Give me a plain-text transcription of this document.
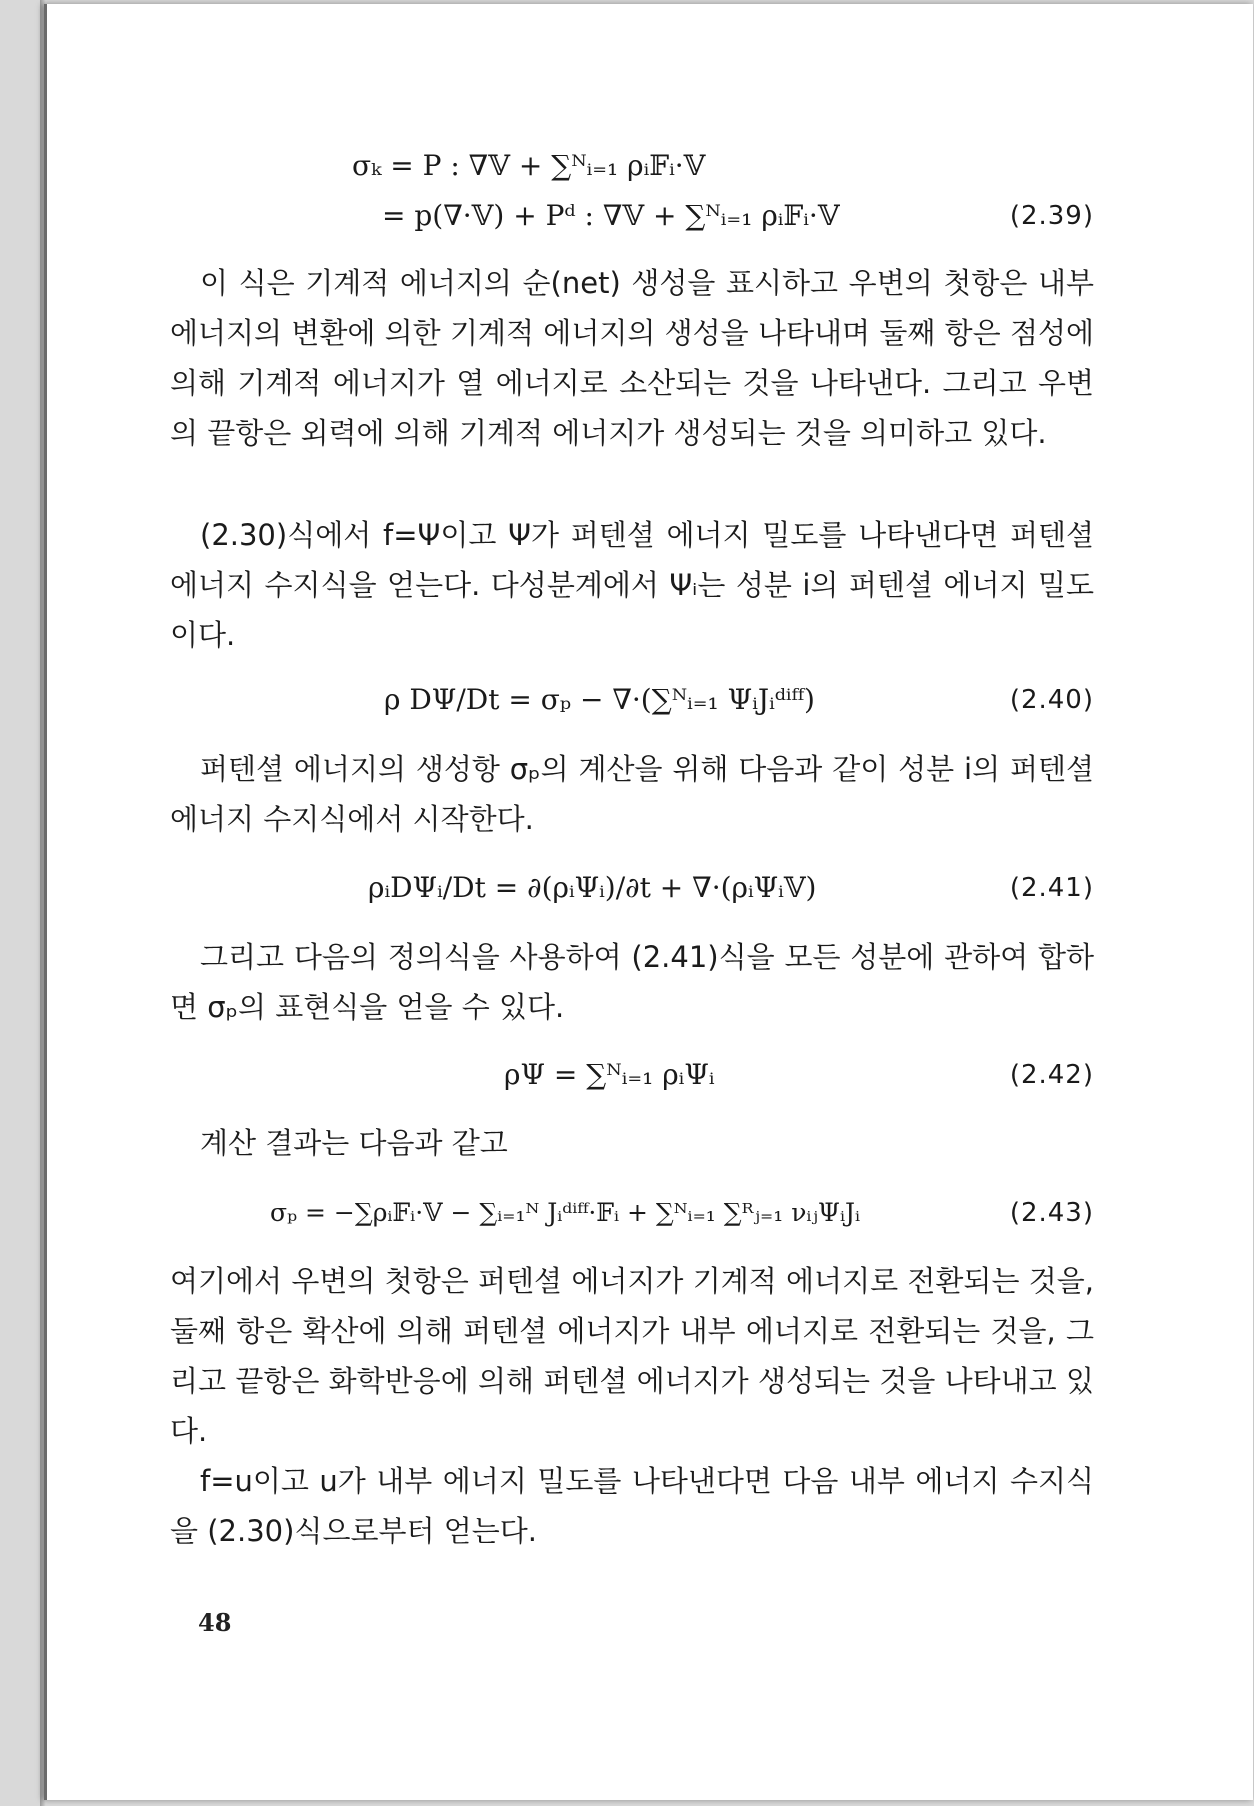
σₖ = P : ∇𝕍 + ∑ᴺᵢ₌₁ ρᵢ𝔽ᵢ·𝕍
= p(∇·𝕍) + Pᵈ : ∇𝕍 + ∑ᴺᵢ₌₁ ρᵢ𝔽ᵢ·𝕍	(2.39)
이 식은 기계적 에너지의 순(net) 생성을 표시하고 우변의 첫항은 내부에너지의 변환에 의한 기계적 에너지의 생성을 나타내며 둘째 항은 점성에 의해 기계적 에너지가 열 에너지로 소산되는 것을 나타낸다. 그리고 우변의 끝항은 외력에 의해 기계적 에너지가 생성되는 것을 의미하고 있다.
(2.30)식에서 f=Ψ이고 Ψ가 퍼텐셜 에너지 밀도를 나타낸다면 퍼텐셜 에너지 수지식을 얻는다. 다성분계에서 Ψᵢ는 성분 i의 퍼텐셜 에너지 밀도이다.
ρ DΨ/Dt = σₚ − ∇·(∑ᴺᵢ₌₁ ΨᵢJᵢᵈⁱᶠᶠ)	(2.40)
퍼텐셜 에너지의 생성항 σₚ의 계산을 위해 다음과 같이 성분 i의 퍼텐셜 에너지 수지식에서 시작한다.
ρᵢDΨᵢ/Dt = ∂(ρᵢΨᵢ)/∂t + ∇·(ρᵢΨᵢ𝕍)	(2.41)
그리고 다음의 정의식을 사용하여 (2.41)식을 모든 성분에 관하여 합하면 σₚ의 표현식을 얻을 수 있다.
ρΨ = ∑ᴺᵢ₌₁ ρᵢΨᵢ	(2.42)
계산 결과는 다음과 같고
σₚ = −∑ρᵢ𝔽ᵢ·𝕍 − ∑ᵢ₌₁ᴺ Jᵢᵈⁱᶠᶠ·𝔽ᵢ + ∑ᴺᵢ₌₁ ∑ᴿⱼ₌₁ νᵢⱼΨᵢJᵢ	(2.43)
여기에서 우변의 첫항은 퍼텐셜 에너지가 기계적 에너지로 전환되는 것을, 둘째 항은 확산에 의해 퍼텐셜 에너지가 내부 에너지로 전환되는 것을, 그리고 끝항은 화학반응에 의해 퍼텐셜 에너지가 생성되는 것을 나타내고 있다.
f=u이고 u가 내부 에너지 밀도를 나타낸다면 다음 내부 에너지 수지식을 (2.30)식으로부터 얻는다.
48
